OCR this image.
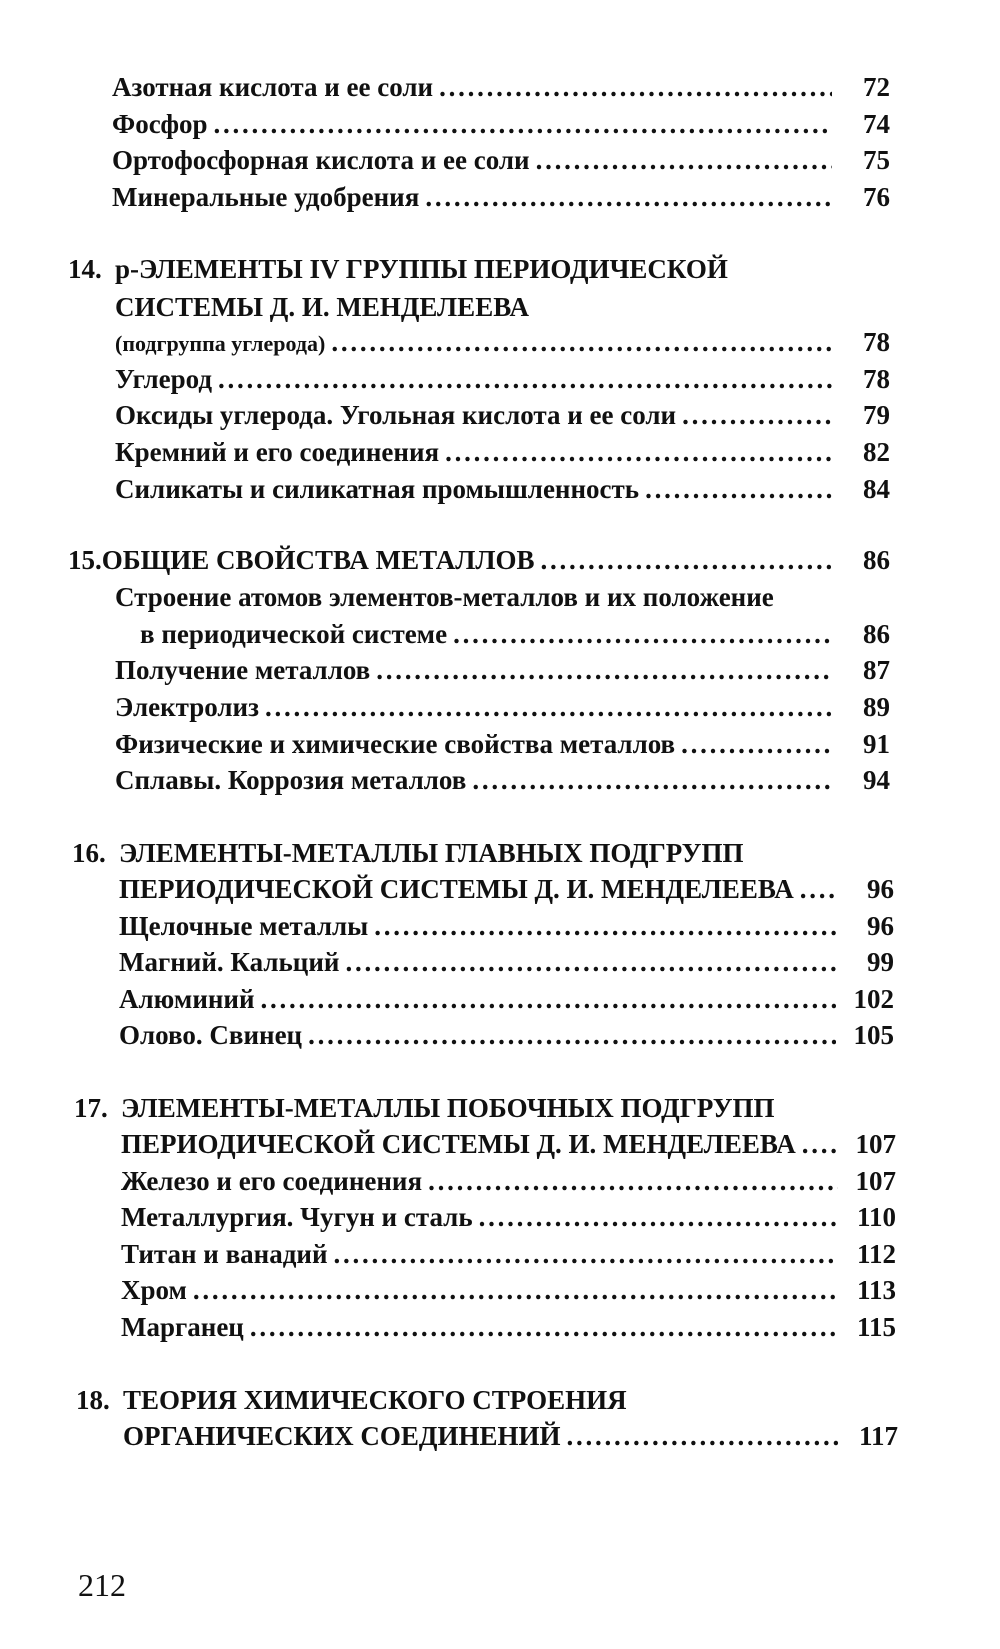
Азотная кислота и ее соли . . .	72
Фосфор . . .	74
Ортофосфорная кислота и ее соли . . .	75
Минеральные удобрения . . .	76
14. p-ЭЛЕМЕНТЫ IV ГРУППЫ ПЕРИОДИЧЕСКОЙ
СИСТЕМЫ Д. И. МЕНДЕЛЕЕВА
(подгруппа углерода) . . .	78
Углерод . . .	78
Оксиды углерода. Угольная кислота и ее соли . . .	79
Кремний и его соединения . . .	82
Силикаты и силикатная промышленность . . .	84
15. ОБЩИЕ СВОЙСТВА МЕТАЛЛОВ . . .	86
Строение атомов элементов-металлов и их положение
в периодической системе . . .	86
Получение металлов . . .	87
Электролиз . . .	89
Физические и химические свойства металлов . . .	91
Сплавы. Коррозия металлов . . .	94
16. ЭЛЕМЕНТЫ-МЕТАЛЛЫ ГЛАВНЫХ ПОДГРУПП
ПЕРИОДИЧЕСКОЙ СИСТЕМЫ Д. И. МЕНДЕЛЕЕВА . . .	96
Щелочные металлы . . .	96
Магний. Кальций . . .	99
Алюминий . . .	102
Олово. Свинец . . .	105
17. ЭЛЕМЕНТЫ-МЕТАЛЛЫ ПОБОЧНЫХ ПОДГРУПП
ПЕРИОДИЧЕСКОЙ СИСТЕМЫ Д. И. МЕНДЕЛЕЕВА . . .	107
Железо и его соединения . . .	107
Металлургия. Чугун и сталь . . .	110
Титан и ванадий . . .	112
Хром . . .	113
Марганец . . .	115
18. ТЕОРИЯ ХИМИЧЕСКОГО СТРОЕНИЯ
ОРГАНИЧЕСКИХ СОЕДИНЕНИЙ . . .	117
212
